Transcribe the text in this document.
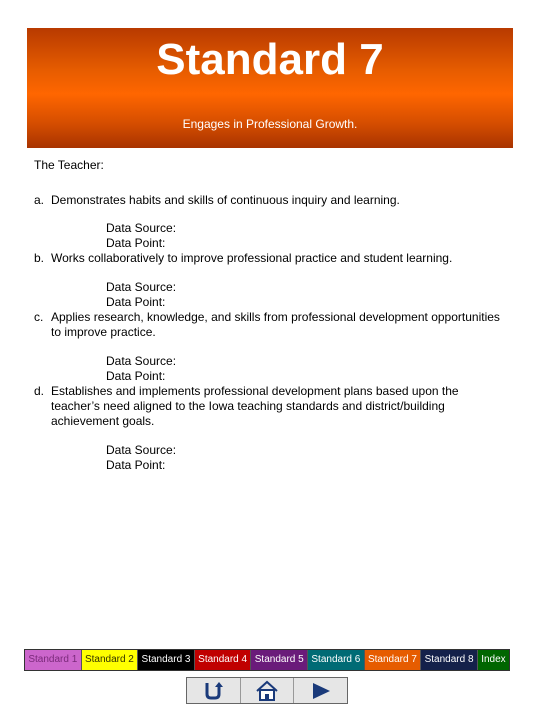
Standard 7
Engages in Professional Growth.

The Teacher:

a. Demonstrates habits and skills of continuous inquiry and learning.

Data Source:

Data Point:

b. Works collaboratively to improve professional practice and student learning.

Data Source:

Data Point:

c. Applies research, knowledge, and skills from professional development opportunities to improve practice.

Data Source:

Data Point:

d. Establishes and implements professional development plans based upon the teacher’s need aligned to the Iowa teaching standards and district/building achievement goals.

Data Source:

Data Point:

Standard 1 Standard 2 Standard 3 Standard 4 Standard 5 Standard 6 Standard 7 Standard 8 Index
